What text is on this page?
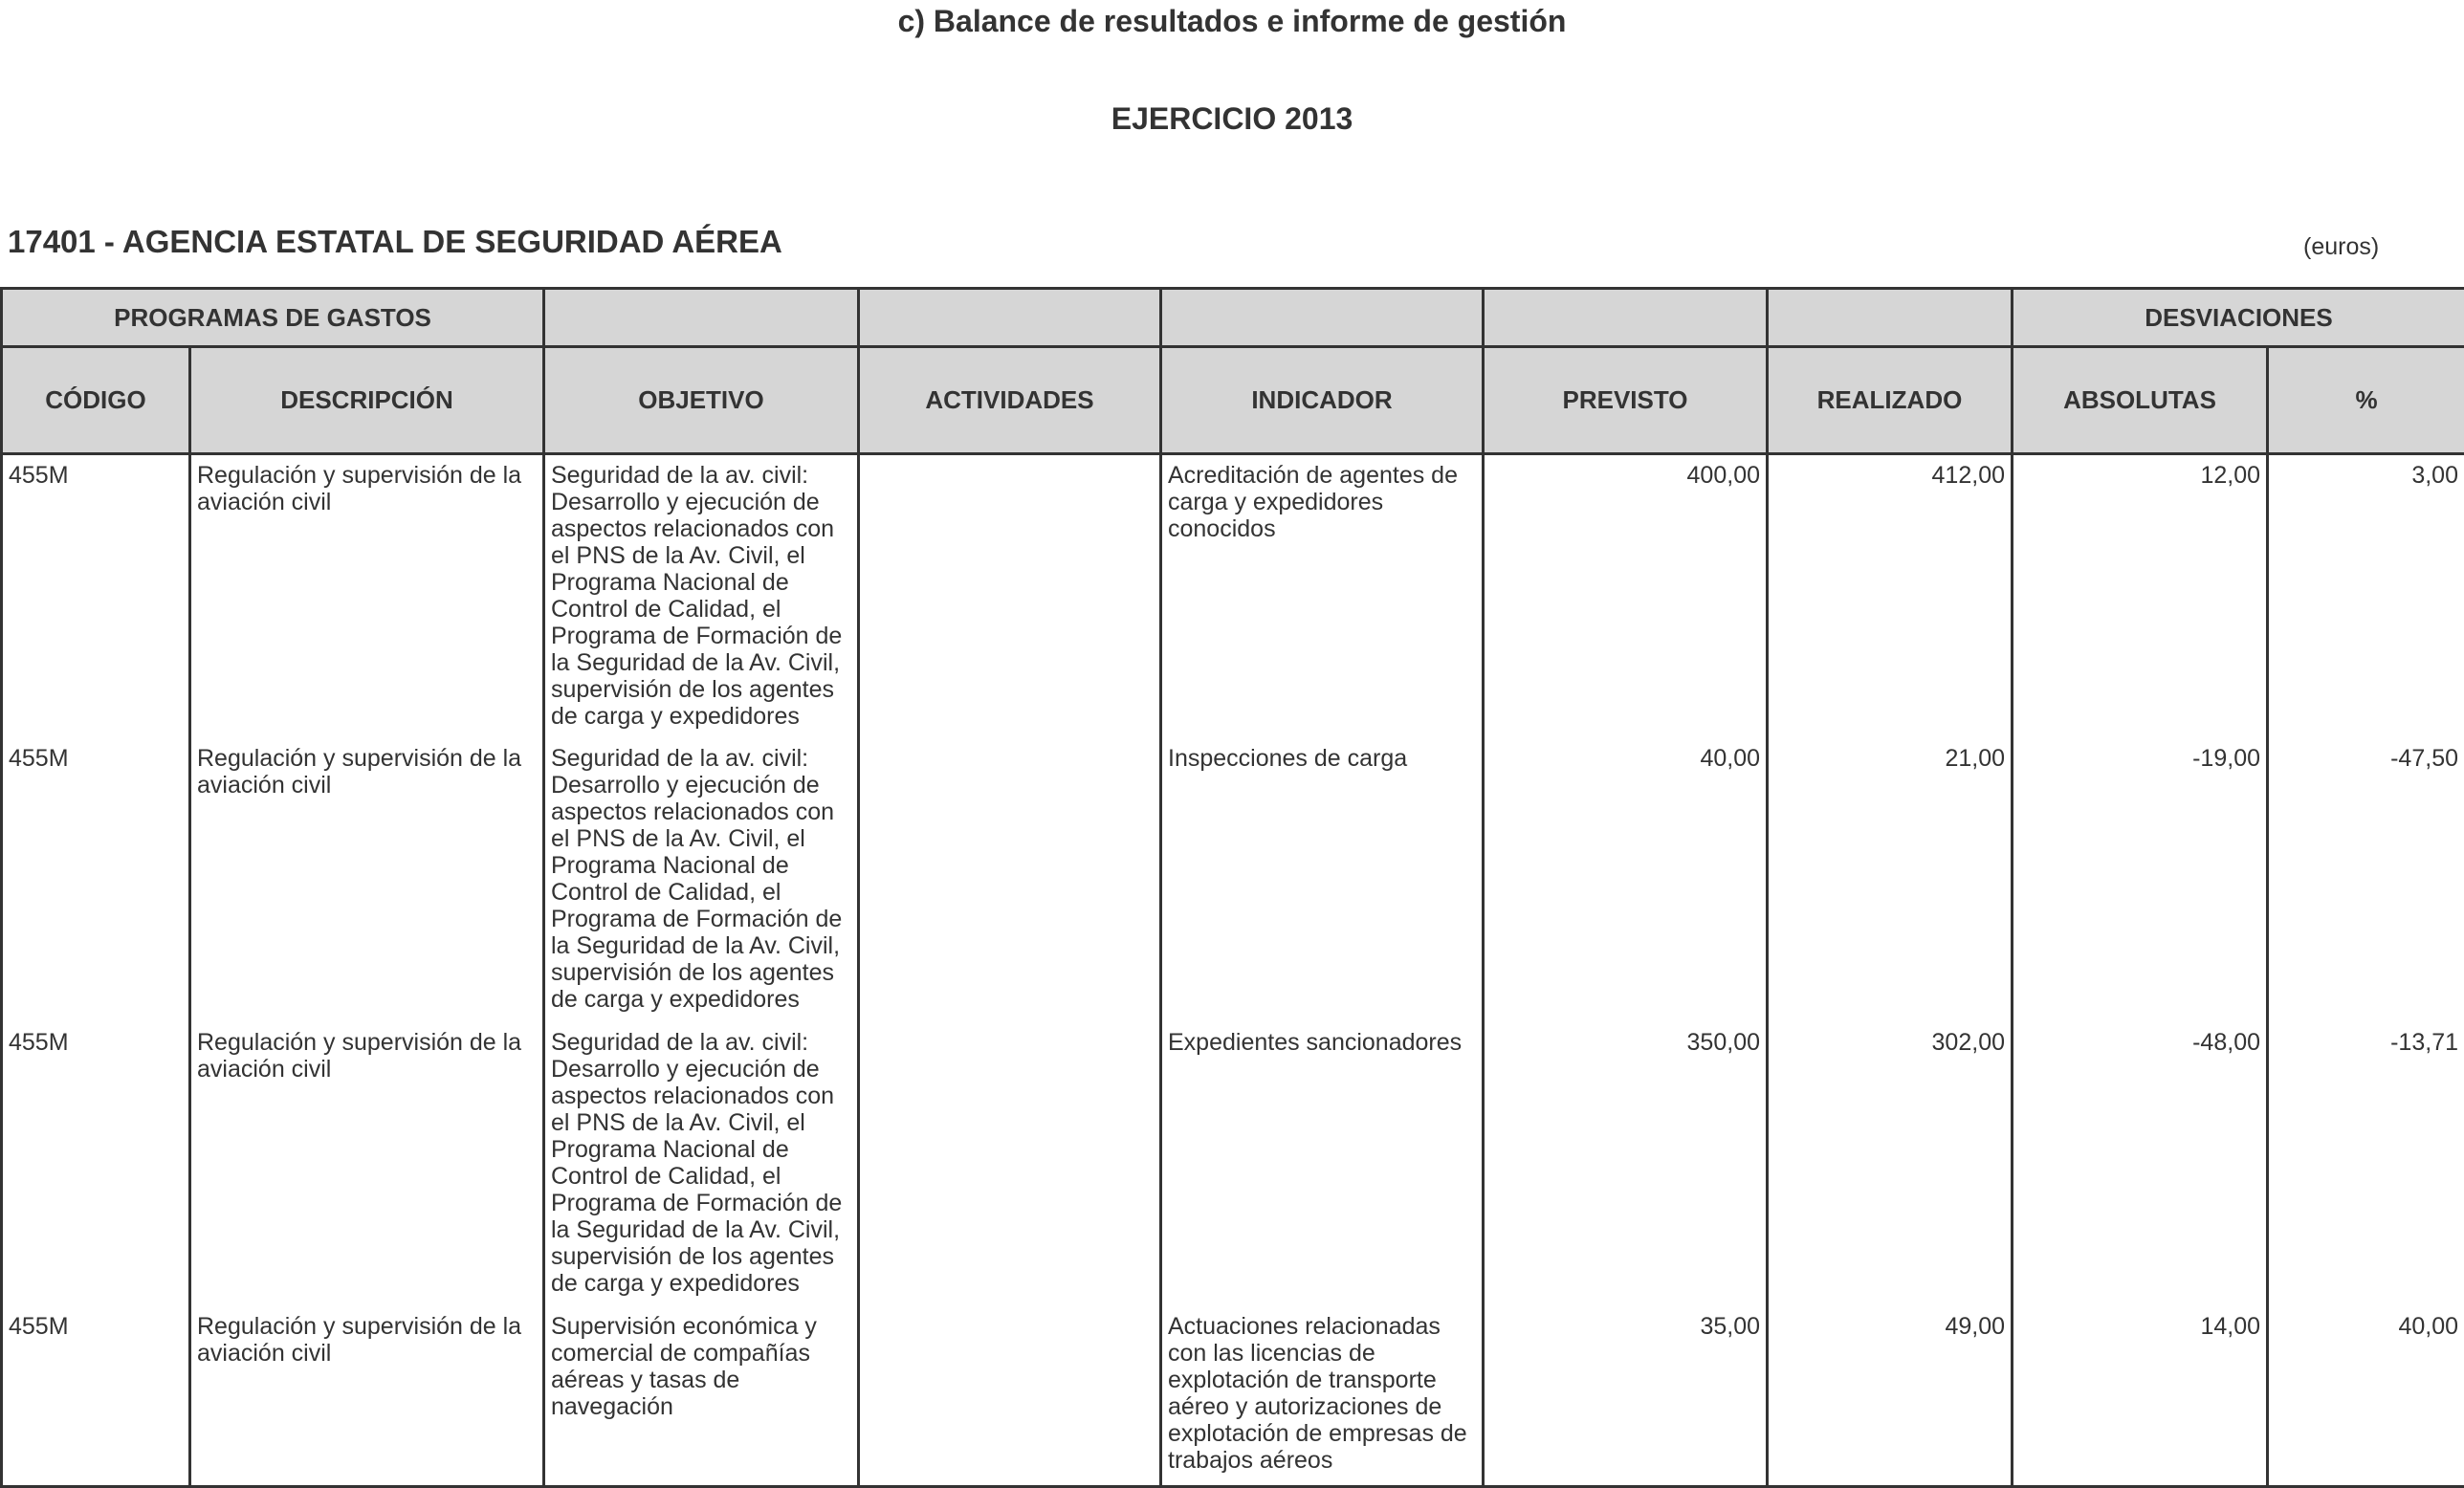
c) Balance de resultados e informe de gestión
EJERCICIO 2013
17401 - AGENCIA ESTATAL DE SEGURIDAD AÉREA	(euros)
PROGRAMAS DE GASTOS							DESVIACIONES	
CÓDIGO	DESCRIPCIÓN	OBJETIVO	ACTIVIDADES	INDICADOR	PREVISTO	REALIZADO	ABSOLUTAS	%
455M	Regulación y supervisión de la aviación civil	Seguridad de la av. civil: Desarrollo y ejecución de aspectos relacionados con el PNS de la Av. Civil, el Programa Nacional de Control de Calidad, el Programa de Formación de la Seguridad de la Av. Civil, supervisión de los agentes de carga y expedidores		Acreditación de agentes de carga y expedidores conocidos	400,00	412,00	12,00	3,00
455M	Regulación y supervisión de la aviación civil	Seguridad de la av. civil: Desarrollo y ejecución de aspectos relacionados con el PNS de la Av. Civil, el Programa Nacional de Control de Calidad, el Programa de Formación de la Seguridad de la Av. Civil, supervisión de los agentes de carga y expedidores		Inspecciones de carga	40,00	21,00	-19,00	-47,50
455M	Regulación y supervisión de la aviación civil	Seguridad de la av. civil: Desarrollo y ejecución de aspectos relacionados con el PNS de la Av. Civil, el Programa Nacional de Control de Calidad, el Programa de Formación de la Seguridad de la Av. Civil, supervisión de los agentes de carga y expedidores		Expedientes sancionadores	350,00	302,00	-48,00	-13,71
455M	Regulación y supervisión de la aviación civil	Supervisión económica y comercial de compañías aéreas y tasas de navegación		Actuaciones relacionadas con las licencias de explotación de transporte aéreo y autorizaciones de explotación de empresas de trabajos aéreos	35,00	49,00	14,00	40,00
